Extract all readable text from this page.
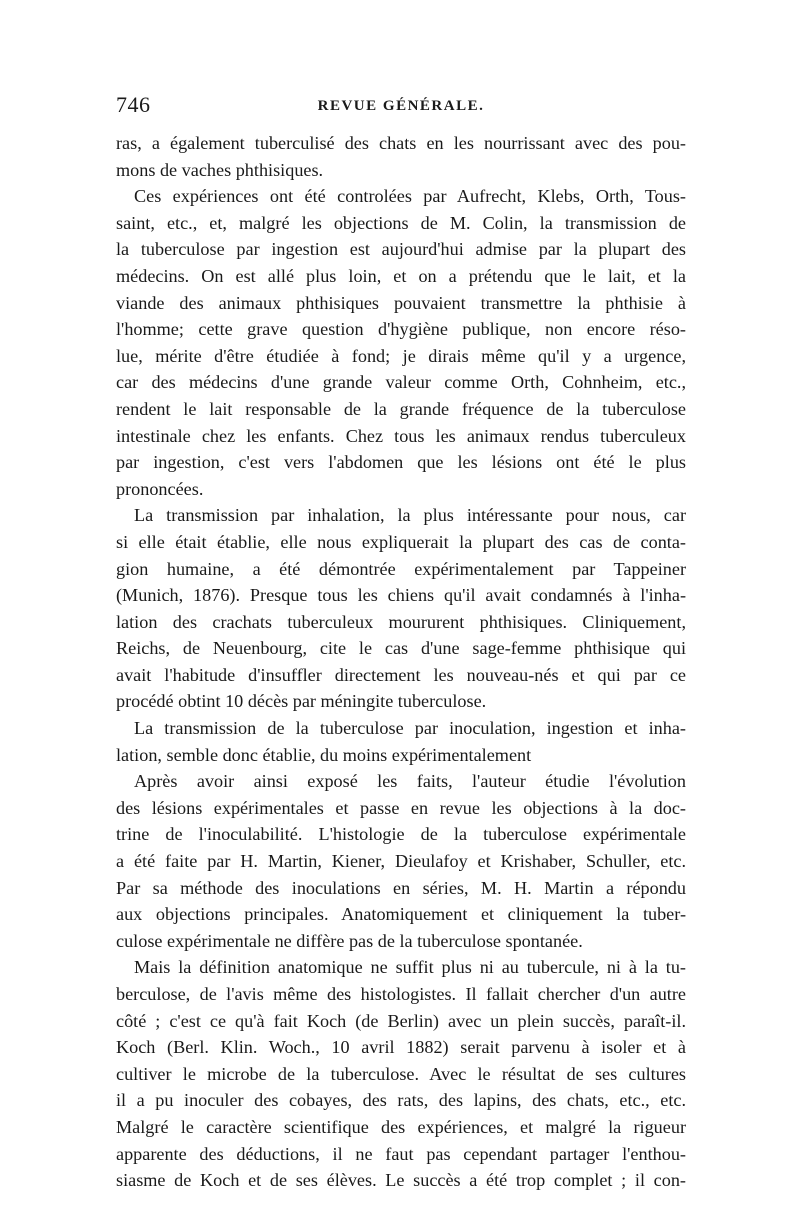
746	REVUE GÉNÉRALE.
ras, a également tuberculisé des chats en les nourrissant avec des pou-
mons de vaches phthisiques.
Ces expériences ont été controlées par Aufrecht, Klebs, Orth, Tous-
saint, etc., et, malgré les objections de M. Colin, la transmission de
la tuberculose par ingestion est aujourd'hui admise par la plupart des
médecins. On est allé plus loin, et on a prétendu que le lait, et la
viande des animaux phthisiques pouvaient transmettre la phthisie à
l'homme; cette grave question d'hygiène publique, non encore réso-
lue, mérite d'être étudiée à fond; je dirais même qu'il y a urgence,
car des médecins d'une grande valeur comme Orth, Cohnheim, etc.,
rendent le lait responsable de la grande fréquence de la tuberculose
intestinale chez les enfants. Chez tous les animaux rendus tuberculeux
par ingestion, c'est vers l'abdomen que les lésions ont été le plus
prononcées.
La transmission par inhalation, la plus intéressante pour nous, car
si elle était établie, elle nous expliquerait la plupart des cas de conta-
gion humaine, a été démontrée expérimentalement par Tappeiner
(Munich, 1876). Presque tous les chiens qu'il avait condamnés à l'inha-
lation des crachats tuberculeux moururent phthisiques. Cliniquement,
Reichs, de Neuenbourg, cite le cas d'une sage-femme phthisique qui
avait l'habitude d'insuffler directement les nouveau-nés et qui par ce
procédé obtint 10 décès par méningite tuberculose.
La transmission de la tuberculose par inoculation, ingestion et inha-
lation, semble donc établie, du moins expérimentalement
Après avoir ainsi exposé les faits, l'auteur étudie l'évolution
des lésions expérimentales et passe en revue les objections à la doc-
trine de l'inoculabilité. L'histologie de la tuberculose expérimentale
a été faite par H. Martin, Kiener, Dieulafoy et Krishaber, Schuller, etc.
Par sa méthode des inoculations en séries, M. H. Martin a répondu
aux objections principales. Anatomiquement et cliniquement la tuber-
culose expérimentale ne diffère pas de la tuberculose spontanée.
Mais la définition anatomique ne suffit plus ni au tubercule, ni à la tu-
berculose, de l'avis même des histologistes. Il fallait chercher d'un autre
côté ; c'est ce qu'à fait Koch (de Berlin) avec un plein succès, paraît-il.
Koch (Berl. Klin. Woch., 10 avril 1882) serait parvenu à isoler et à
cultiver le microbe de la tuberculose. Avec le résultat de ses cultures
il a pu inoculer des cobayes, des rats, des lapins, des chats, etc., etc.
Malgré le caractère scientifique des expériences, et malgré la rigueur
apparente des déductions, il ne faut pas cependant partager l'enthou-
siasme de Koch et de ses élèves. Le succès a été trop complet ; il con-
